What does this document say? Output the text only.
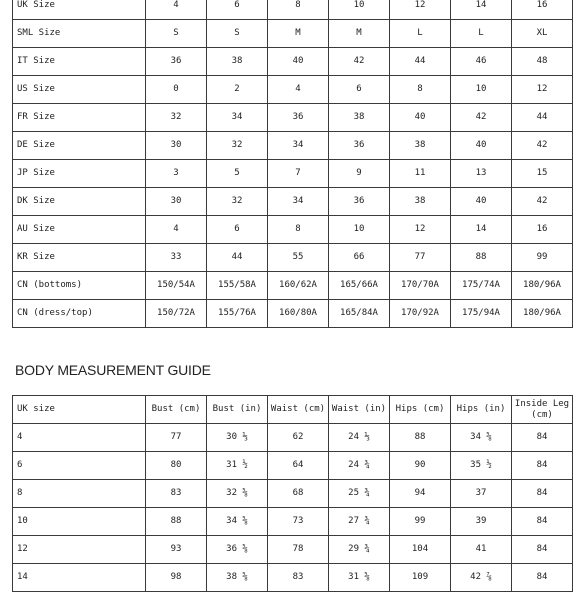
UK Size	4	6	8	10	12	14	16
SML Size	S	S	M	M	L	L	XL
IT Size	36	38	40	42	44	46	48
US Size	0	2	4	6	8	10	12
FR Size	32	34	36	38	40	42	44
DE Size	30	32	34	36	38	40	42
JP Size	3	5	7	9	11	13	15
DK Size	30	32	34	36	38	40	42
AU Size	4	6	8	10	12	14	16
KR Size	33	44	55	66	77	88	99
CN (bottoms)	150/54A	155/58A	160/62A	165/66A	170/70A	175/74A	180/96A
CN (dress/top)	150/72A	155/76A	160/80A	165/84A	170/92A	175/94A	180/96A
BODY MEASUREMENT GUIDE
UK size	Bust (cm)	Bust (in)	Waist (cm)	Waist (in)	Hips (cm)	Hips (in)	Inside Leg (cm)
4	77	30 ⅓	62	24 ⅓	88	34 ⅝	84
6	80	31 ½	64	24 ¾	90	35 ½	84
8	83	32 ⅝	68	25 ¾	94	37	84
10	88	34 ⅝	73	27 ¾	99	39	84
12	93	36 ⅝	78	29 ¾	104	41	84
14	98	38 ⅝	83	31 ⅝	109	42 ⅞	84
